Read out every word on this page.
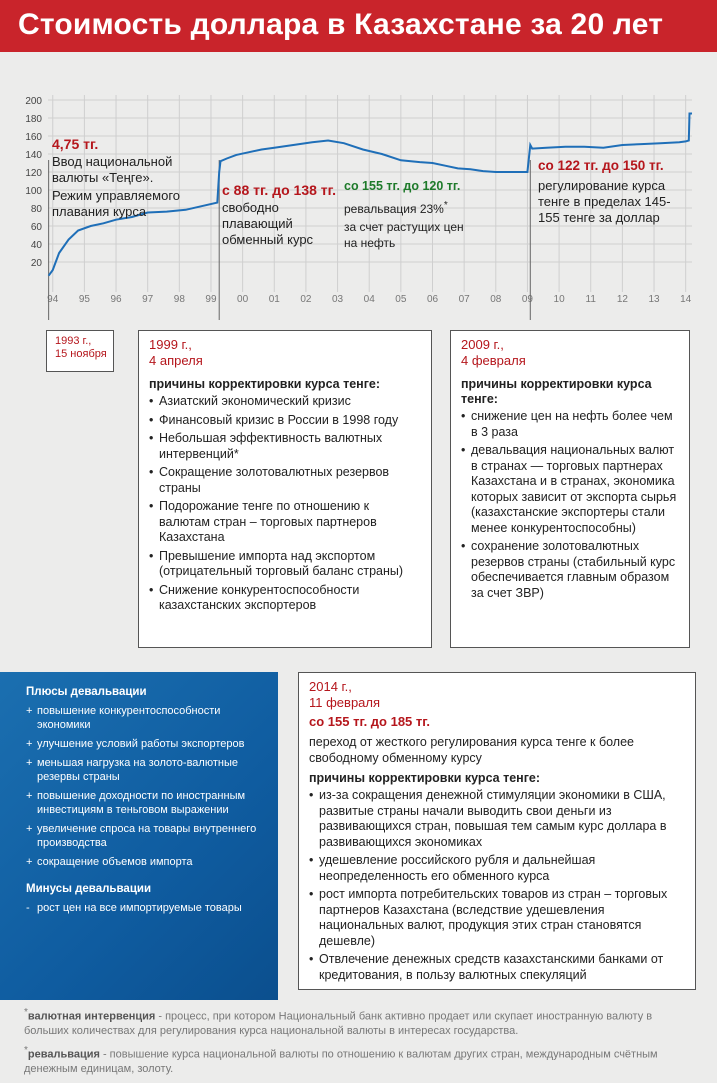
Стоимость доллара в Казахстане за 20 лет
200
180
160
140
120
100
80
60
40
20
94 95 96 97 98 99 00 01 02 03 04 05 06 07 08 09 10 11 12 13 14
4,75 тг.
Ввод национальной валюты «Теңге».
Режим управляемого плавания курса
с 88 тг. до 138 тг.
свободно плавающий обменный курс
со 155 тг. до 120 тг.
ревальвация 23%*
за счет растущих цен на нефть
со 122 тг. до 150 тг.
регулирование курса тенге в пределах 145-155 тенге за доллар
1993 г.,
15 ноября
1999 г.,
4 апреля
причины корректировки курса тенге:
• Азиатский экономический кризис
• Финансовый кризис в России в 1998 году
• Небольшая эффективность валютных интервенций*
• Сокращение золотовалютных резервов страны
• Подорожание тенге по отношению к валютам стран – торговых партнеров Казахстана
• Превышение импорта над экспортом (отрицательный торговый баланс страны)
• Снижение конкурентоспособности казахстанских экспортеров
2009 г.,
4 февраля
причины корректировки курса тенге:
• снижение цен на нефть более чем в 3 раза
• девальвация национальных валют в странах — торговых партнерах Казахстана и в странах, экономика которых зависит от экспорта сырья (казахстанские экспортеры стали менее конкурентоспособны)
• сохранение золотовалютных резервов страны (стабильный курс обеспечивается главным образом за счет ЗВР)
Плюсы девальвации
+ повышение конкурентоспособности экономики
+ улучшение условий работы экспортеров
+ меньшая нагрузка на золото-валютные резервы страны
+ повышение доходности по иностранным инвестициям в теньговом выражении
+ увеличение спроса на товары внутреннего производства
+ сокращение объемов импорта
Минусы девальвации
- рост цен на все импортируемые товары
2014 г.,
11 февраля
со 155 тг. до 185 тг.
переход от жесткого регулирования курса тенге к более свободному обменному курсу
причины корректировки курса тенге:
• из-за сокращения денежной стимуляции экономики в США, развитые страны начали выводить свои деньги из развивающихся стран, повышая тем самым курс доллара в развивающихся экономиках
• удешевление российского рубля и дальнейшая неопределенность его обменного курса
• рост импорта потребительских товаров из стран – торговых партнеров Казахстана (вследствие удешевления национальных валют, продукция этих стран становятся дешевле)
• Отвлечение денежных средств казахстанскими банками от кредитования, в пользу валютных спекуляций
*валютная интервенция - процесс, при котором Национальный банк активно продает или скупает иностранную валюту в больших количествах для регулирования курса национальной валюты в интересах государства.
*ревальвация - повышение курса национальной валюты по отношению к валютам других стран, международным счётным денежным единицам, золоту.
